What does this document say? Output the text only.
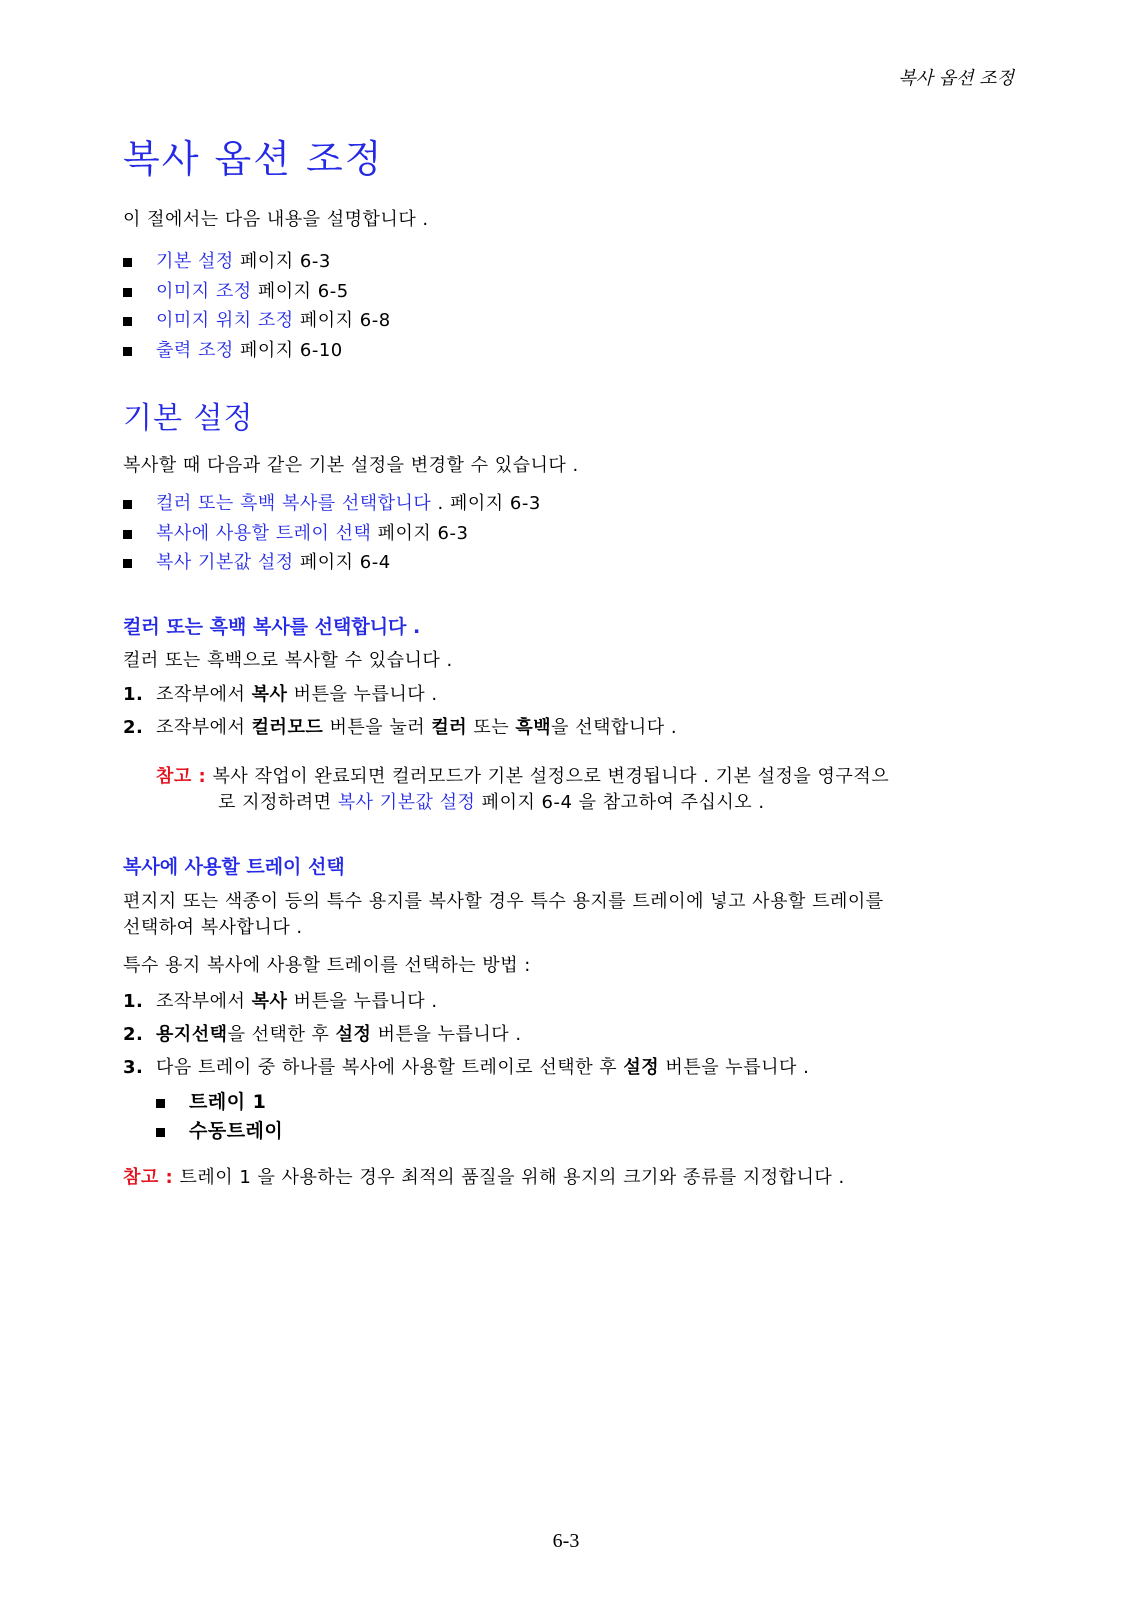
복사 옵션 조정
복사 옵션 조정

이 절에서는 다음 내용을 설명합니다 .

기본 설정 페이지 6-3
이미지 조정 페이지 6-5
이미지 위치 조정 페이지 6-8
출력 조정 페이지 6-10
기본 설정

복사할 때 다음과 같은 기본 설정을 변경할 수 있습니다 .

컬러 또는 흑백 복사를 선택합니다 . 페이지 6-3
복사에 사용할 트레이 선택 페이지 6-3
복사 기본값 설정 페이지 6-4
컬러 또는 흑백 복사를 선택합니다 .

컬러 또는 흑백으로 복사할 수 있습니다 .

1. 조작부에서 복사 버튼을 누릅니다 .
2. 조작부에서 컬러모드 버튼을 눌러 컬러 또는 흑백을 선택합니다 .
참고 : 복사 작업이 완료되면 컬러모드가 기본 설정으로 변경됩니다 . 기본 설정을 영구적으
로 지정하려면 복사 기본값 설정 페이지 6-4 을 참고하여 주십시오 .
복사에 사용할 트레이 선택

편지지 또는 색종이 등의 특수 용지를 복사할 경우 특수 용지를 트레이에 넣고 사용할 트레이를
선택하여 복사합니다 .

특수 용지 복사에 사용할 트레이를 선택하는 방법 :

1. 조작부에서 복사 버튼을 누릅니다 .
2. 용지선택을 선택한 후 설정 버튼을 누릅니다 .
3. 다음 트레이 중 하나를 복사에 사용할 트레이로 선택한 후 설정 버튼을 누릅니다 .
트레이 1
수동트레이
참고 : 트레이 1 을 사용하는 경우 최적의 품질을 위해 용지의 크기와 종류를 지정합니다 .
6-3
